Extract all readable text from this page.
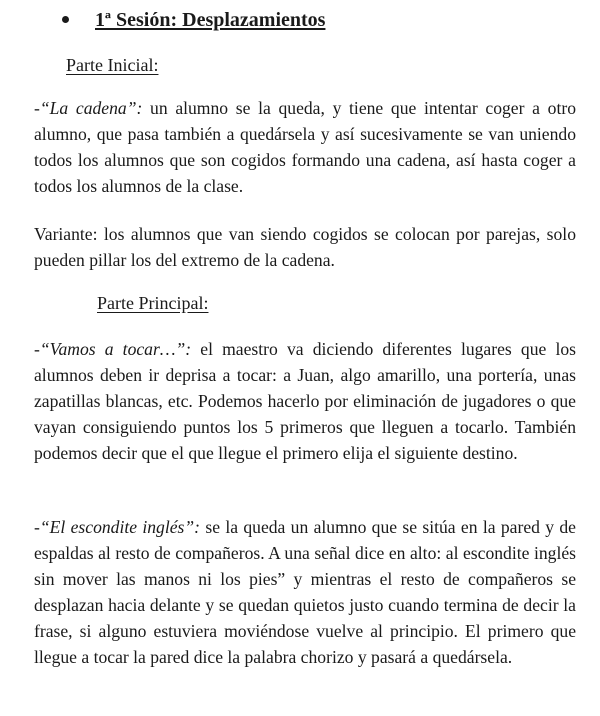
1ª Sesión: Desplazamientos
Parte Inicial:

-“La cadena”: un alumno se la queda, y tiene que intentar coger a otro alumno, que pasa también a quedársela y así sucesivamente se van uniendo todos los alumnos que son cogidos formando una cadena, así hasta coger a todos los alumnos de la clase.

Variante: los alumnos que van siendo cogidos se colocan por parejas, solo pueden pillar los del extremo de la cadena.

Parte Principal:

-“Vamos a tocar…”: el maestro va diciendo diferentes lugares que los alumnos deben ir deprisa a tocar: a Juan, algo amarillo, una portería, unas zapatillas blancas, etc. Podemos hacerlo por eliminación de jugadores o que vayan consiguiendo puntos los 5 primeros que lleguen a tocarlo. También podemos decir que el que llegue el primero elija el siguiente destino.

-“El escondite inglés”: se la queda un alumno que se sitúa en la pared y de espaldas al resto de compañeros. A una señal dice en alto: al escondite inglés sin mover las manos ni los pies” y mientras el resto de compañeros se desplazan hacia delante y se quedan quietos justo cuando termina de decir la frase, si alguno estuviera moviéndose vuelve al principio. El primero que llegue a tocar la pared dice la palabra chorizo y pasará a quedársela.
